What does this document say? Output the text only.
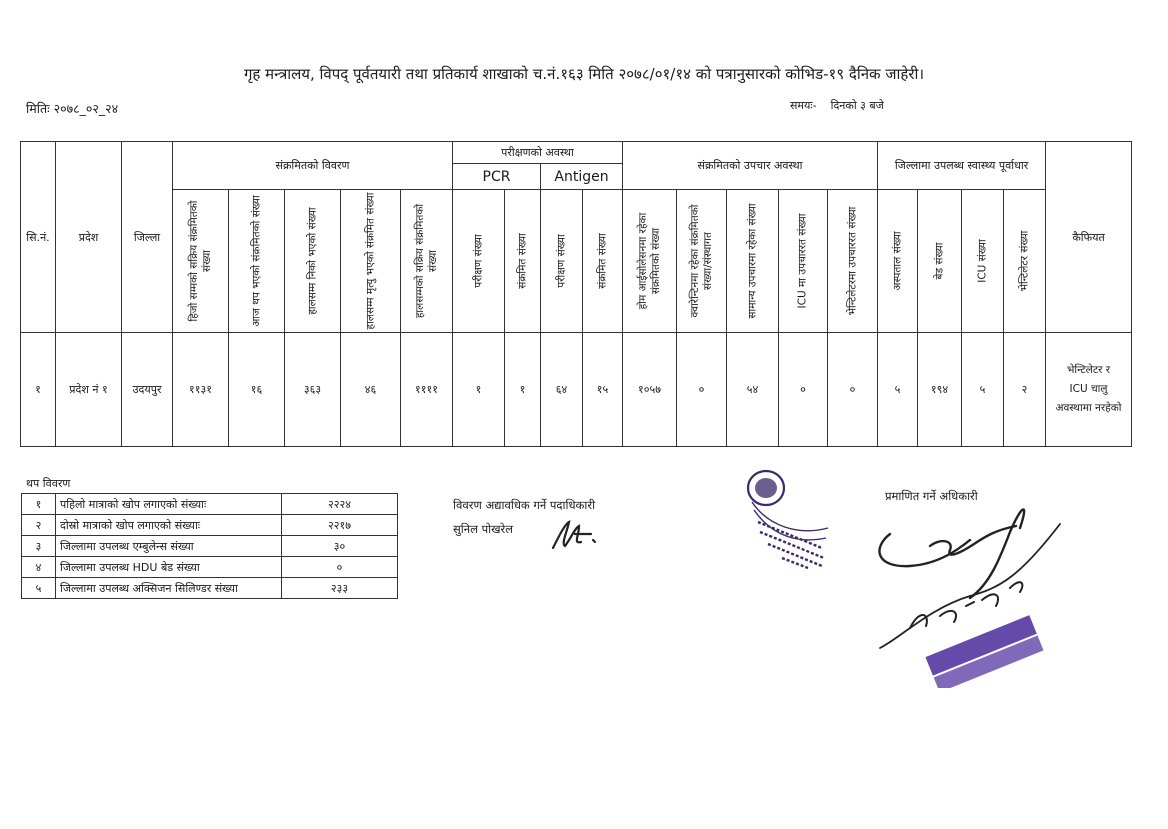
गृह मन्त्रालय, विपद् पूर्वतयारी तथा प्रतिकार्य शाखाको च.नं.१६३ मिति २०७८/०१/१४ को पत्रानुसारको कोभिड-१९ दैनिक जाहेरी।
मितिः २०७८_०२_२४	समयः- दिनको ३ बजे
सि.नं.	प्रदेश	जिल्ला	संक्रमितको विवरण					परीक्षणको अवस्था				संक्रमितको उपचार अवस्था					जिल्लामा उपलब्ध स्वास्थ्य पूर्वाधार				कैफियत
								PCR		Antigen											

			हिजो सम्मको सक्रिय संक्रमितको संख्या	आज थप भएको संक्रमितको संख्या	हालसम्म निको भएको संख्या	हालसम्म मृत्यु भएको संक्रमित संख्या	हालसम्मको सक्रिय संक्रमितको संख्या	परीक्षण संख्या	संक्रमित संख्या	परीक्षण संख्या	संक्रमित संख्या	होम आईसोलेसनमा रहेका संक्रमितको संख्या	क्वारेन्टिनमा रहेका संक्रमितको संख्या/संस्थागत	सामान्य उपचारमा रहेका संख्या	ICU मा उपचाररत संख्या	भेन्टिलेटरमा उपचाररत संख्या	अस्पताल संख्या	बेड संख्या	ICU संख्या	भेन्टिलेटर संख्या	

१	प्रदेश नं १	उदयपुर	११३१	१६	३६३	४६	११११	१	१	६४	१५	१०५७	०	५४	०	०	५	१९४	५	२	भेन्टिलेटर र
ICU चालु
अवस्थामा नरहेको
थप विवरण
१	पहिलो मात्राको खोप लगाएको संख्याः	२२२४
२	दोस्रो मात्राको खोप लगाएको संख्याः	२२१७
३	जिल्लामा उपलब्ध एम्बुलेन्स संख्या	३०
४	जिल्लामा उपलब्ध HDU बेड संख्या	०
५	जिल्लामा उपलब्ध अक्सिजन सिलिण्डर संख्या	२३३
विवरण अद्यावधिक गर्ने पदाधिकारी
सुनिल पोखरेल
प्रमाणित गर्ने अधिकारी
